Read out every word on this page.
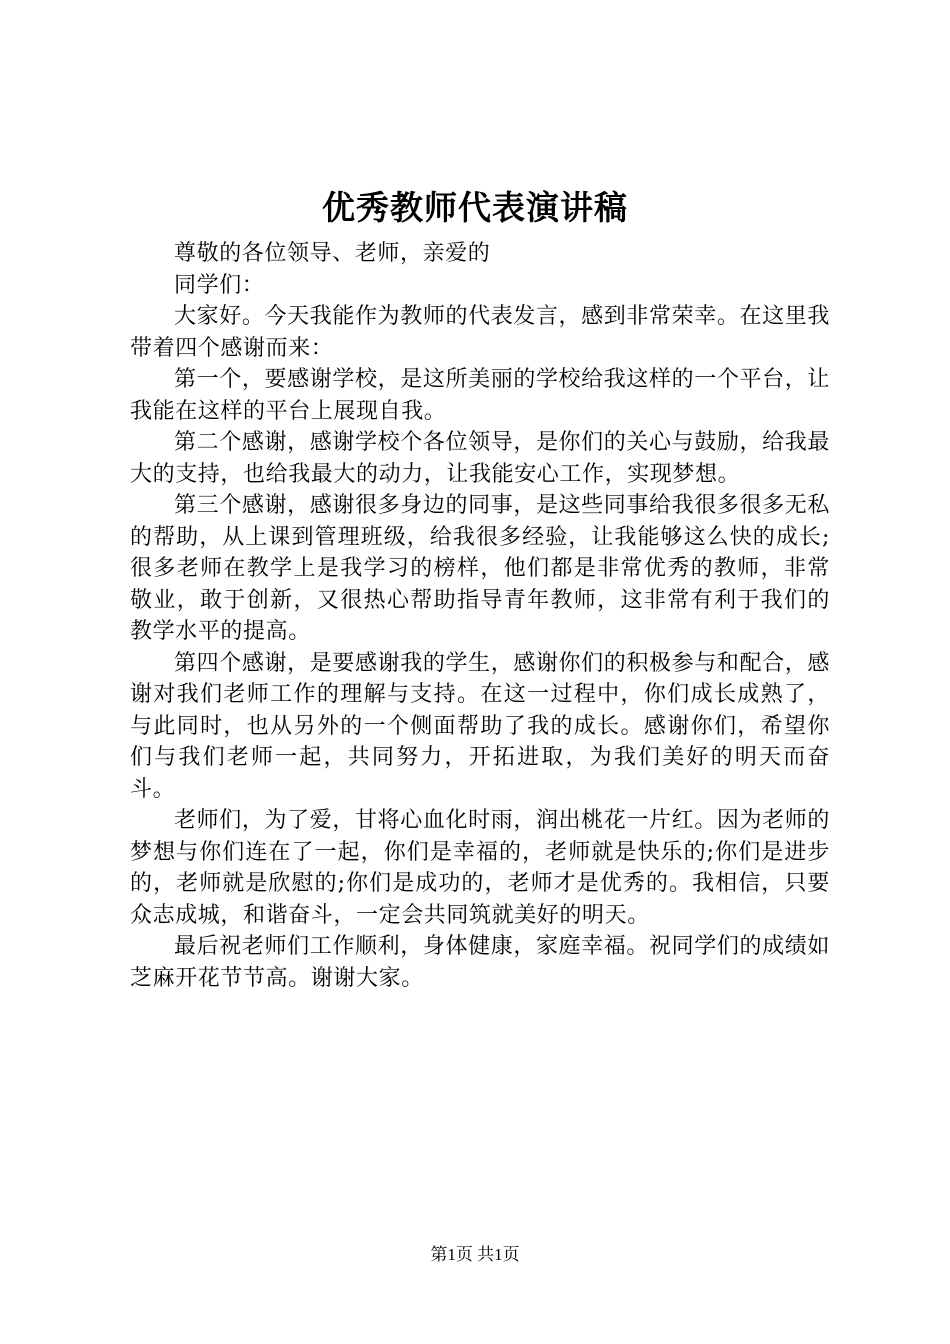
优秀教师代表演讲稿

尊敬的各位领导、老师，亲爱的

同学们：

大家好。今天我能作为教师的代表发言，感到非常荣幸。在这里我带着四个感谢而来：

第一个，要感谢学校，是这所美丽的学校给我这样的一个平台，让我能在这样的平台上展现自我。

第二个感谢，感谢学校个各位领导，是你们的关心与鼓励，给我最大的支持，也给我最大的动力，让我能安心工作，实现梦想。

第三个感谢，感谢很多身边的同事，是这些同事给我很多很多无私的帮助，从上课到管理班级，给我很多经验，让我能够这么快的成长;很多老师在教学上是我学习的榜样，他们都是非常优秀的教师，非常敬业，敢于创新，又很热心帮助指导青年教师，这非常有利于我们的教学水平的提高。

第四个感谢，是要感谢我的学生，感谢你们的积极参与和配合，感谢对我们老师工作的理解与支持。在这一过程中，你们成长成熟了，与此同时，也从另外的一个侧面帮助了我的成长。感谢你们，希望你们与我们老师一起，共同努力，开拓进取，为我们美好的明天而奋斗。

老师们，为了爱，甘将心血化时雨，润出桃花一片红。因为老师的梦想与你们连在了一起，你们是幸福的，老师就是快乐的;你们是进步的，老师就是欣慰的;你们是成功的，老师才是优秀的。我相信，只要众志成城，和谐奋斗，一定会共同筑就美好的明天。

最后祝老师们工作顺利，身体健康，家庭幸福。祝同学们的成绩如芝麻开花节节高。谢谢大家。

第1页 共1页
